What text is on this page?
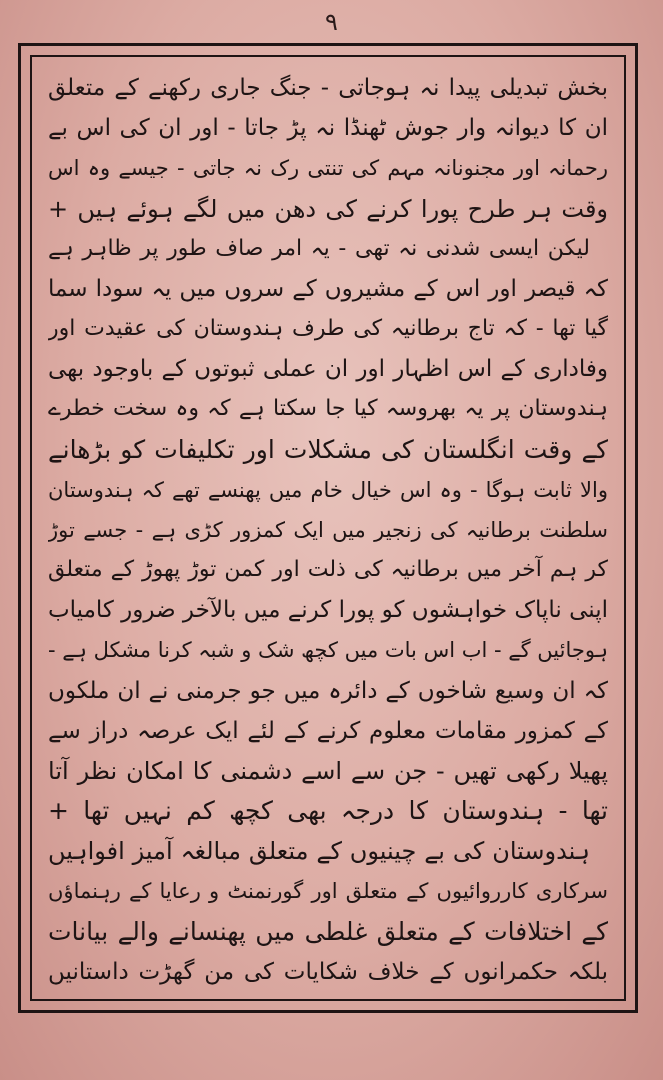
۹
بخش تبدیلی پیدا نہ ہوجاتی - جنگ جاری رکھنے کے متعلق
ان کا دیوانہ وار جوش ٹھنڈا نہ پڑ جاتا - اور ان کی اس بے
رحمانہ اور مجنونانہ مہم کی تنتی رک نہ جاتی - جیسے وہ اس
وقت ہر طرح پورا کرنے کی دھن میں لگے ہوئے ہیں +
لیکن ایسی شدنی نہ تھی - یہ امر صاف طور پر ظاہر ہے
کہ قیصر اور اس کے مشیروں کے سروں میں یہ سودا سما
گیا تھا - کہ تاج برطانیہ کی طرف ہندوستان کی عقیدت اور
وفاداری کے اس اظہار اور ان عملی ثبوتوں کے باوجود بھی
ہندوستان پر یہ بھروسہ کیا جا سکتا ہے کہ وہ سخت خطرے
کے وقت انگلستان کی مشکلات اور تکلیفات کو بڑھانے
والا ثابت ہوگا - وہ اس خیال خام میں پھنسے تھے کہ ہندوستان
سلطنت برطانیہ کی زنجیر میں ایک کمزور کڑی ہے - جسے توڑ
کر ہم آخر میں برطانیہ کی ذلت اور کمن توڑ پھوڑ کے متعلق
اپنی ناپاک خواہشوں کو پورا کرنے میں بالآخر ضرور کامیاب
ہوجائیں گے - اب اس بات میں کچھ شک و شبہ کرنا مشکل ہے -
کہ ان وسیع شاخوں کے دائرہ میں جو جرمنی نے ان ملکوں
کے کمزور مقامات معلوم کرنے کے لئے ایک عرصہ دراز سے
پھیلا رکھی تھیں - جن سے اسے دشمنی کا امکان نظر آتا
تھا - ہندوستان کا درجہ بھی کچھ کم نہیں تھا +
ہندوستان کی بے چینیوں کے متعلق مبالغہ آمیز افواہیں
سرکاری کارروائیوں کے متعلق اور گورنمنٹ و رعایا کے رہنماؤں
کے اختلافات کے متعلق غلطی میں پھنسانے والے بیانات
بلکہ حکمرانوں کے خلاف شکایات کی من گھڑت داستانیں
